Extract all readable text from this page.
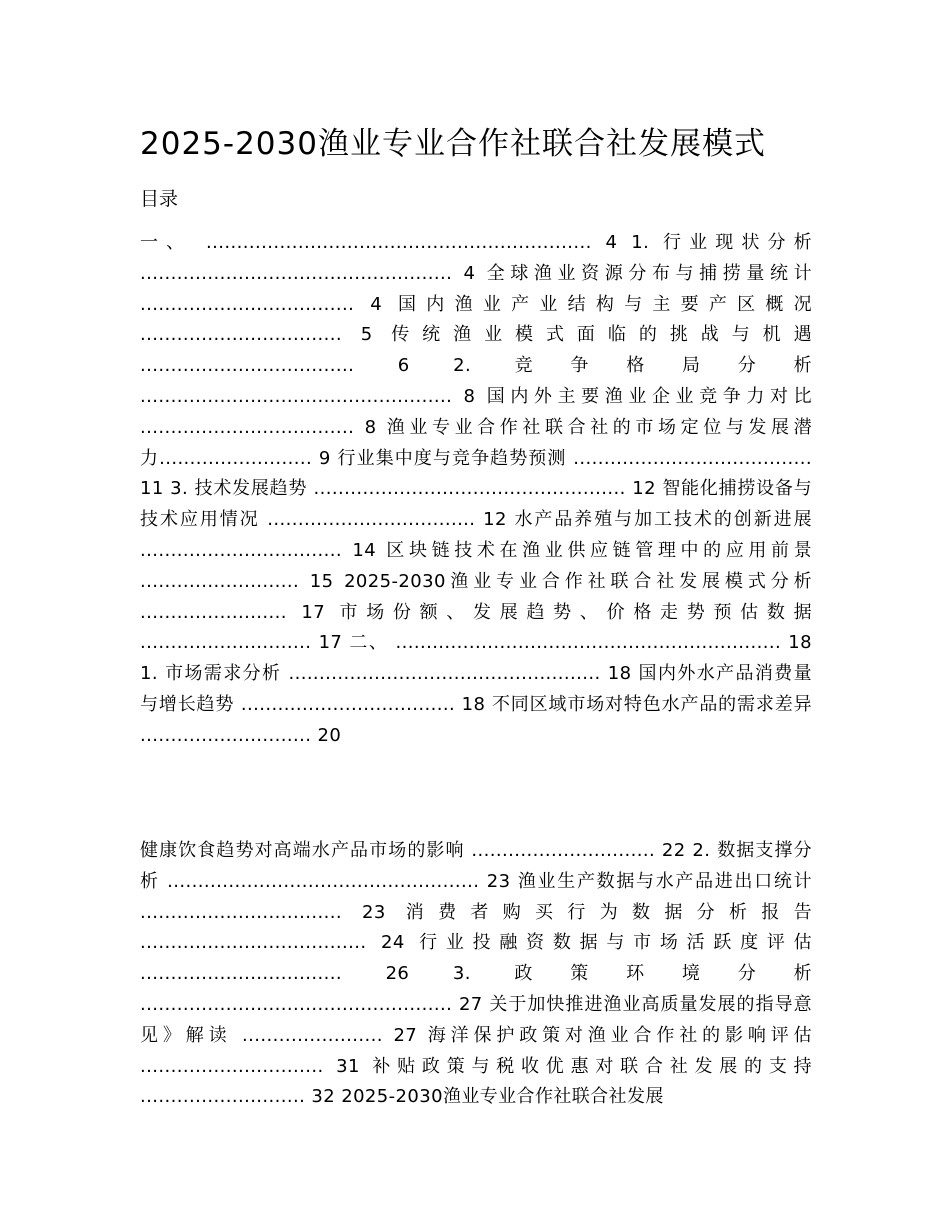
2025-2030渔业专业合作社联合社发展模式

目录

一、 ............................................................... 4 1. 行业现状分析 ................................................... 4 全球渔业资源分布与捕捞量统计 ................................... 4 国内渔业产业结构与主要产区概况 ................................. 5 传统渔业模式面临的挑战与机遇 ................................... 6 2. 竞争格局分析 ................................................... 8 国内外主要渔业企业竞争力对比 ................................... 8 渔业专业合作社联合社的市场定位与发展潜力......................... 9 行业集中度与竞争趋势预测 ....................................... 11 3. 技术发展趋势 ................................................... 12 智能化捕捞设备与技术应用情况 .................................. 12 水产品养殖与加工技术的创新进展 ................................. 14 区块链技术在渔业供应链管理中的应用前景 .......................... 15 2025-2030渔业专业合作社联合社发展模式分析 ........................ 17 市场份额、发展趋势、价格走势预估数据 ............................ 17 二、 ............................................................... 18 1. 市场需求分析 ................................................... 18 国内外水产品消费量与增长趋势 ................................... 18 不同区域市场对特色水产品的需求差异 ............................ 20

健康饮食趋势对高端水产品市场的影响 .............................. 22 2. 数据支撑分析 ................................................... 23 渔业生产数据与水产品进出口统计 ................................. 23 消费者购买行为数据分析报告 ..................................... 24 行业投融资数据与市场活跃度评估 ................................. 26 3. 政策环境分析 ................................................... 27 关于加快推进渔业高质量发展的指导意见》解读 ....................... 27 海洋保护政策对渔业合作社的影响评估 .............................. 31 补贴政策与税收优惠对联合社发展的支持 ........................... 32 2025-2030渔业专业合作社联合社发展
